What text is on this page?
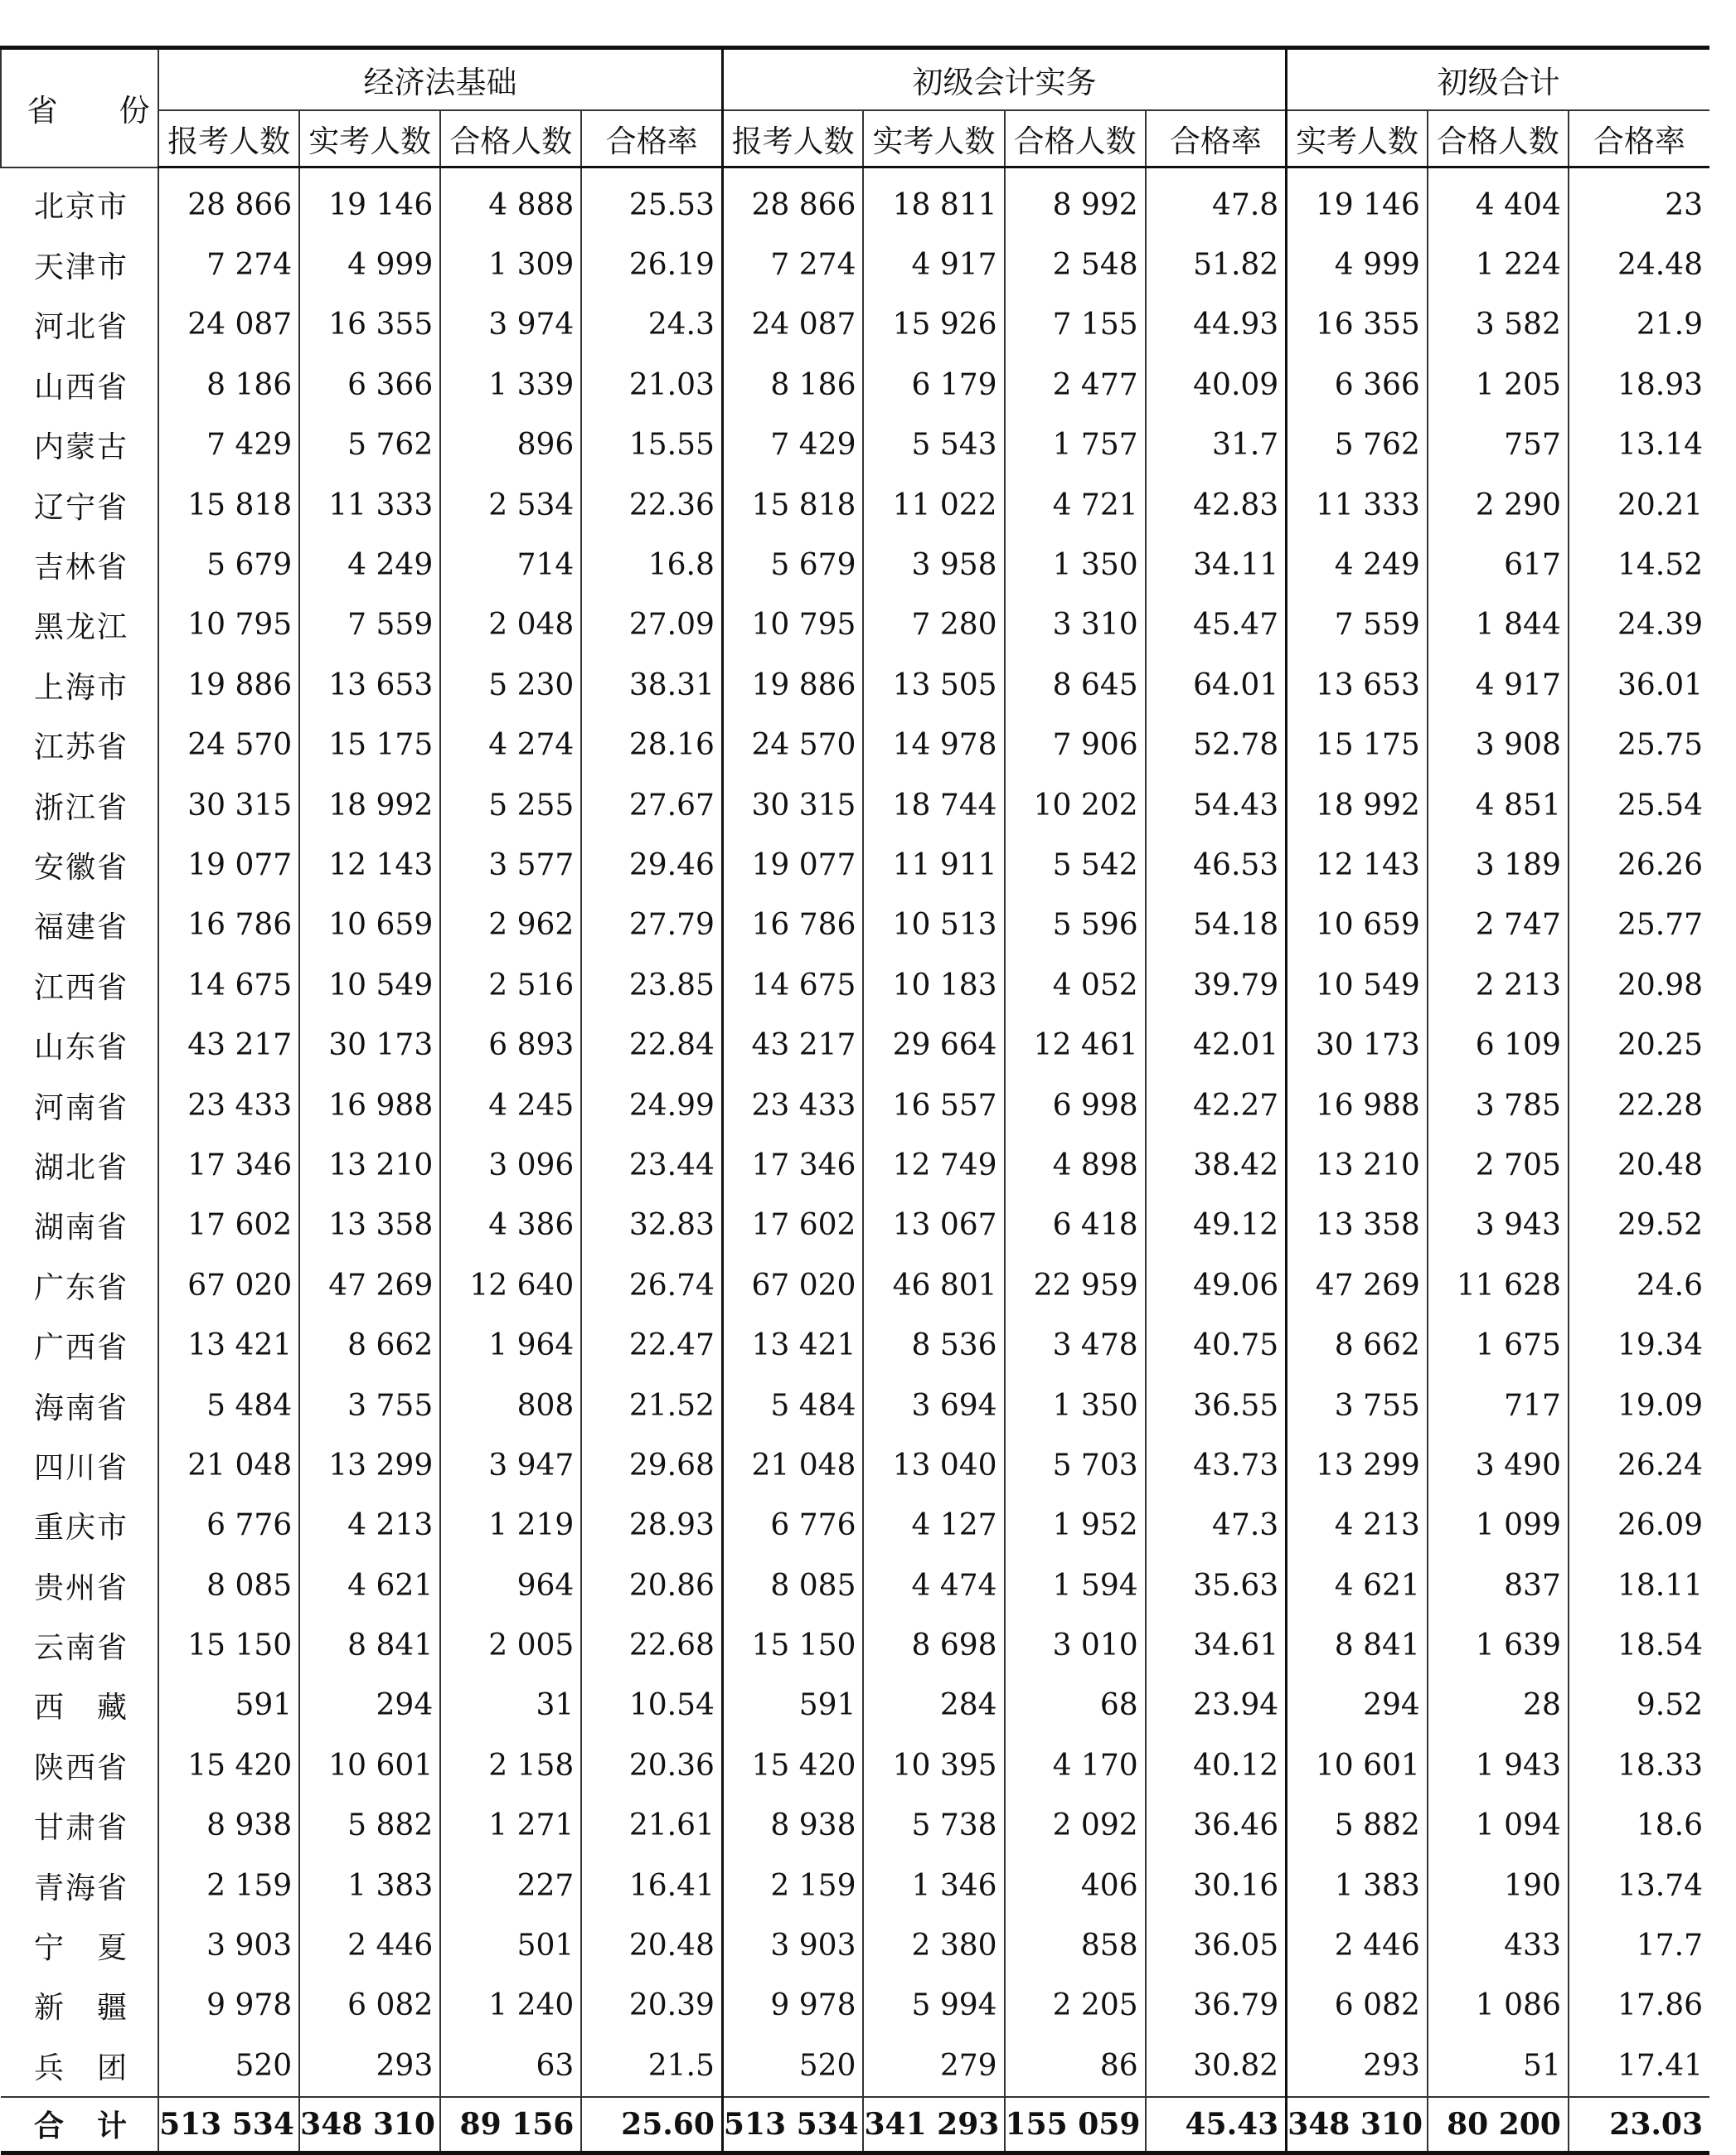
省　　份	经济法基础				初级会计实务				初级合计		
	报考人数	实考人数	合格人数	合格率	报考人数	实考人数	合格人数	合格率	实考人数	合格人数	合格率
北京市	28 866	19 146	4 888	25.53	28 866	18 811	8 992	47.8	19 146	4 404	23
天津市	7 274	4 999	1 309	26.19	7 274	4 917	2 548	51.82	4 999	1 224	24.48
河北省	24 087	16 355	3 974	24.3	24 087	15 926	7 155	44.93	16 355	3 582	21.9
山西省	8 186	6 366	1 339	21.03	8 186	6 179	2 477	40.09	6 366	1 205	18.93
内蒙古	7 429	5 762	896	15.55	7 429	5 543	1 757	31.7	5 762	757	13.14
辽宁省	15 818	11 333	2 534	22.36	15 818	11 022	4 721	42.83	11 333	2 290	20.21
吉林省	5 679	4 249	714	16.8	5 679	3 958	1 350	34.11	4 249	617	14.52
黑龙江	10 795	7 559	2 048	27.09	10 795	7 280	3 310	45.47	7 559	1 844	24.39
上海市	19 886	13 653	5 230	38.31	19 886	13 505	8 645	64.01	13 653	4 917	36.01
江苏省	24 570	15 175	4 274	28.16	24 570	14 978	7 906	52.78	15 175	3 908	25.75
浙江省	30 315	18 992	5 255	27.67	30 315	18 744	10 202	54.43	18 992	4 851	25.54
安徽省	19 077	12 143	3 577	29.46	19 077	11 911	5 542	46.53	12 143	3 189	26.26
福建省	16 786	10 659	2 962	27.79	16 786	10 513	5 596	54.18	10 659	2 747	25.77
江西省	14 675	10 549	2 516	23.85	14 675	10 183	4 052	39.79	10 549	2 213	20.98
山东省	43 217	30 173	6 893	22.84	43 217	29 664	12 461	42.01	30 173	6 109	20.25
河南省	23 433	16 988	4 245	24.99	23 433	16 557	6 998	42.27	16 988	3 785	22.28
湖北省	17 346	13 210	3 096	23.44	17 346	12 749	4 898	38.42	13 210	2 705	20.48
湖南省	17 602	13 358	4 386	32.83	17 602	13 067	6 418	49.12	13 358	3 943	29.52
广东省	67 020	47 269	12 640	26.74	67 020	46 801	22 959	49.06	47 269	11 628	24.6
广西省	13 421	8 662	1 964	22.47	13 421	8 536	3 478	40.75	8 662	1 675	19.34
海南省	5 484	3 755	808	21.52	5 484	3 694	1 350	36.55	3 755	717	19.09
四川省	21 048	13 299	3 947	29.68	21 048	13 040	5 703	43.73	13 299	3 490	26.24
重庆市	6 776	4 213	1 219	28.93	6 776	4 127	1 952	47.3	4 213	1 099	26.09
贵州省	8 085	4 621	964	20.86	8 085	4 474	1 594	35.63	4 621	837	18.11
云南省	15 150	8 841	2 005	22.68	15 150	8 698	3 010	34.61	8 841	1 639	18.54
西　藏	591	294	31	10.54	591	284	68	23.94	294	28	9.52
陕西省	15 420	10 601	2 158	20.36	15 420	10 395	4 170	40.12	10 601	1 943	18.33
甘肃省	8 938	5 882	1 271	21.61	8 938	5 738	2 092	36.46	5 882	1 094	18.6
青海省	2 159	1 383	227	16.41	2 159	1 346	406	30.16	1 383	190	13.74
宁　夏	3 903	2 446	501	20.48	3 903	2 380	858	36.05	2 446	433	17.7
新　疆	9 978	6 082	1 240	20.39	9 978	5 994	2 205	36.79	6 082	1 086	17.86
兵　团	520	293	63	21.5	520	279	86	30.82	293	51	17.41
合　计	513 534	348 310	89 156	25.60	513 534	341 293	155 059	45.43	348 310	80 200	23.03
